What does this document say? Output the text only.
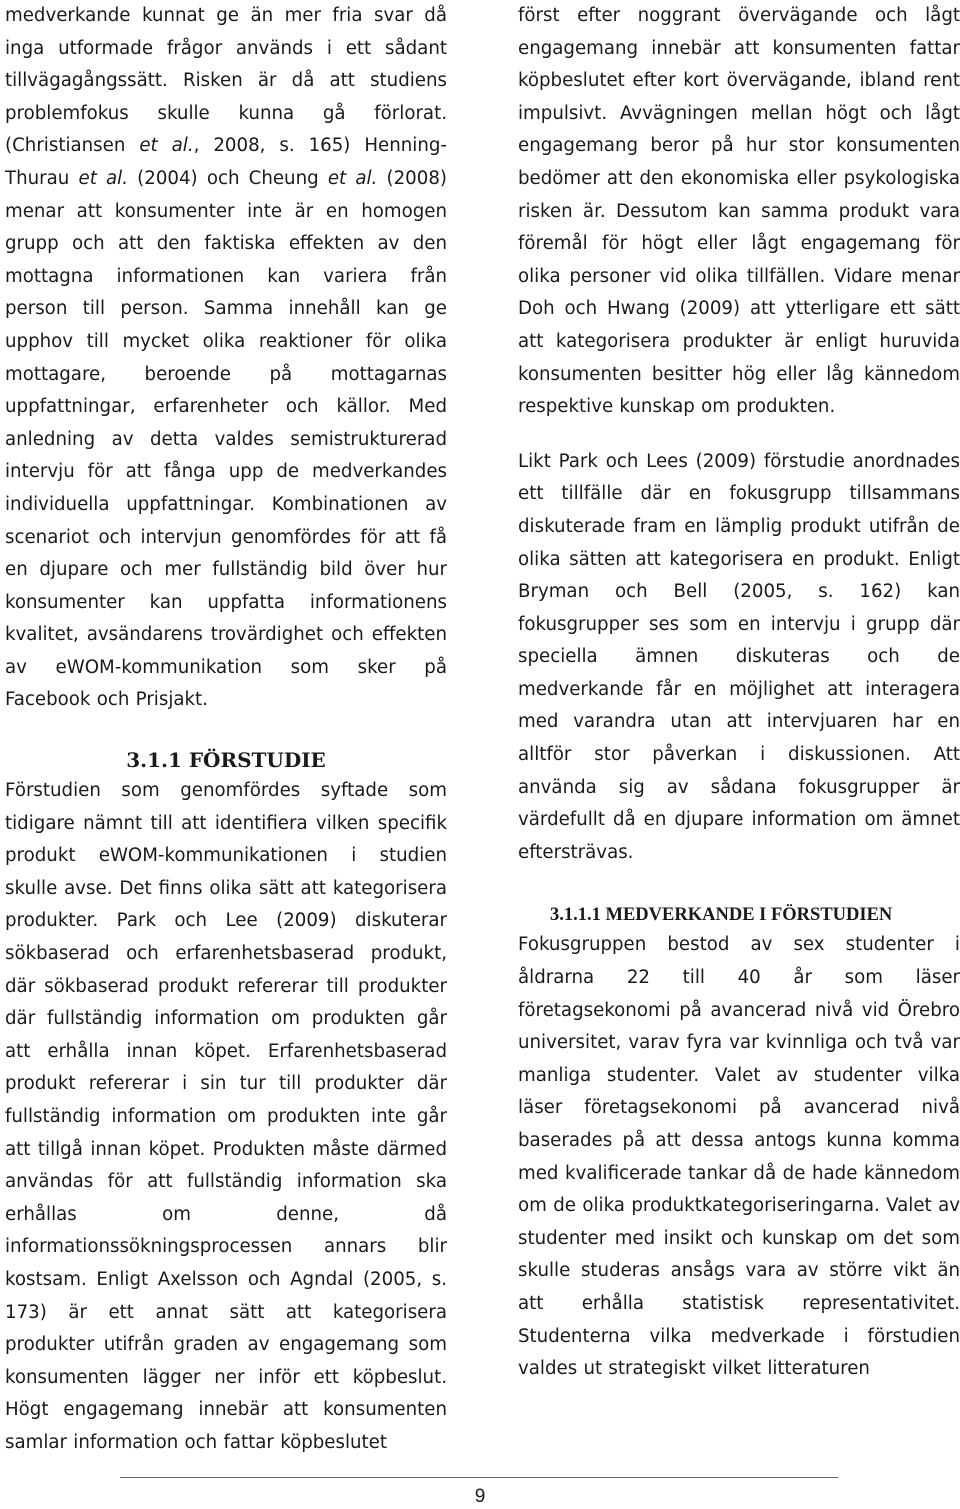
medverkande kunnat ge än mer fria svar då inga utformade frågor används i ett sådant tillvägagångssätt. Risken är då att studiens problemfokus skulle kunna gå förlorat. (Christiansen et al., 2008, s. 165) Henning-Thurau et al. (2004) och Cheung et al. (2008) menar att konsumenter inte är en homogen grupp och att den faktiska effekten av den mottagna informationen kan variera från person till person. Samma innehåll kan ge upphov till mycket olika reaktioner för olika mottagare, beroende på mottagarnas uppfattningar, erfarenheter och källor. Med anledning av detta valdes semistrukturerad intervju för att fånga upp de medverkandes individuella uppfattningar. Kombinationen av scenariot och intervjun genomfördes för att få en djupare och mer fullständig bild över hur konsumenter kan uppfatta informationens kvalitet, avsändarens trovärdighet och effekten av eWOM-kommunikation som sker på Facebook och Prisjakt.

3.1.1 FÖRSTUDIE

Förstudien som genomfördes syftade som tidigare nämnt till att identifiera vilken specifik produkt eWOM-kommunikationen i studien skulle avse. Det finns olika sätt att kategorisera produkter. Park och Lee (2009) diskuterar sökbaserad och erfarenhetsbaserad produkt, där sökbaserad produkt refererar till produkter där fullständig information om produkten går att erhålla innan köpet. Erfarenhetsbaserad produkt refererar i sin tur till produkter där fullständig information om produkten inte går att tillgå innan köpet. Produkten måste därmed användas för att fullständig information ska erhållas om denne, då informationssökningsprocessen annars blir kostsam. Enligt Axelsson och Agndal (2005, s. 173) är ett annat sätt att kategorisera produkter utifrån graden av engagemang som konsumenten lägger ner inför ett köpbeslut. Högt engagemang innebär att konsumenten samlar information och fattar köpbeslutet

först efter noggrant övervägande och lågt engagemang innebär att konsumenten fattar köpbeslutet efter kort övervägande, ibland rent impulsivt. Avvägningen mellan högt och lågt engagemang beror på hur stor konsumenten bedömer att den ekonomiska eller psykologiska risken är. Dessutom kan samma produkt vara föremål för högt eller lågt engagemang för olika personer vid olika tillfällen. Vidare menar Doh och Hwang (2009) att ytterligare ett sätt att kategorisera produkter är enligt huruvida konsumenten besitter hög eller låg kännedom respektive kunskap om produkten.

Likt Park och Lees (2009) förstudie anordnades ett tillfälle där en fokusgrupp tillsammans diskuterade fram en lämplig produkt utifrån de olika sätten att kategorisera en produkt. Enligt Bryman och Bell (2005, s. 162) kan fokusgrupper ses som en intervju i grupp där speciella ämnen diskuteras och de medverkande får en möjlighet att interagera med varandra utan att intervjuaren har en alltför stor påverkan i diskussionen. Att använda sig av sådana fokusgrupper är värdefullt då en djupare information om ämnet eftersträvas.

3.1.1.1 MEDVERKANDE I FÖRSTUDIEN

Fokusgruppen bestod av sex studenter i åldrarna 22 till 40 år som läser företagsekonomi på avancerad nivå vid Örebro universitet, varav fyra var kvinnliga och två var manliga studenter. Valet av studenter vilka läser företagsekonomi på avancerad nivå baserades på att dessa antogs kunna komma med kvalificerade tankar då de hade kännedom om de olika produktkategoriseringarna. Valet av studenter med insikt och kunskap om det som skulle studeras ansågs vara av större vikt än att erhålla statistisk representativitet. Studenterna vilka medverkade i förstudien valdes ut strategiskt vilket litteraturen

9
